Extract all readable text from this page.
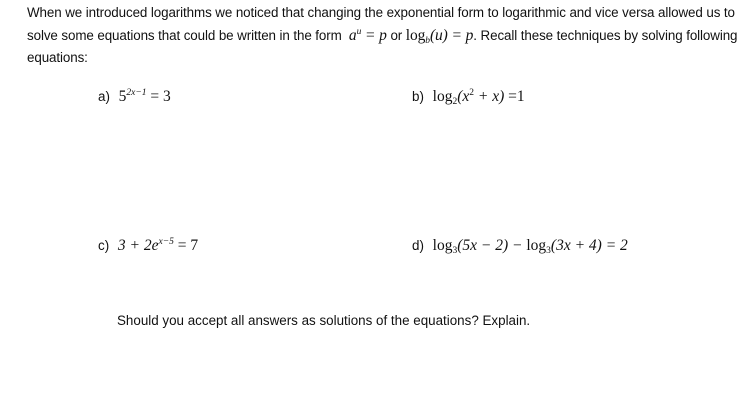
When we introduced logarithms we noticed that changing the exponential form to logarithmic and vice versa allowed us to solve some equations that could be written in the form $a^u = p$ or $\log_b(u) = p$. Recall these techniques by solving following equations:
a) $5^{2x-1} = 3$	b) $\log_2(x^2 + x) =1$
c) $3 + 2e^{x-5} = 7$	d) $\log_3(5x - 2) - \log_3(3x + 4) = 2$
Should you accept all answers as solutions of the equations? Explain.
